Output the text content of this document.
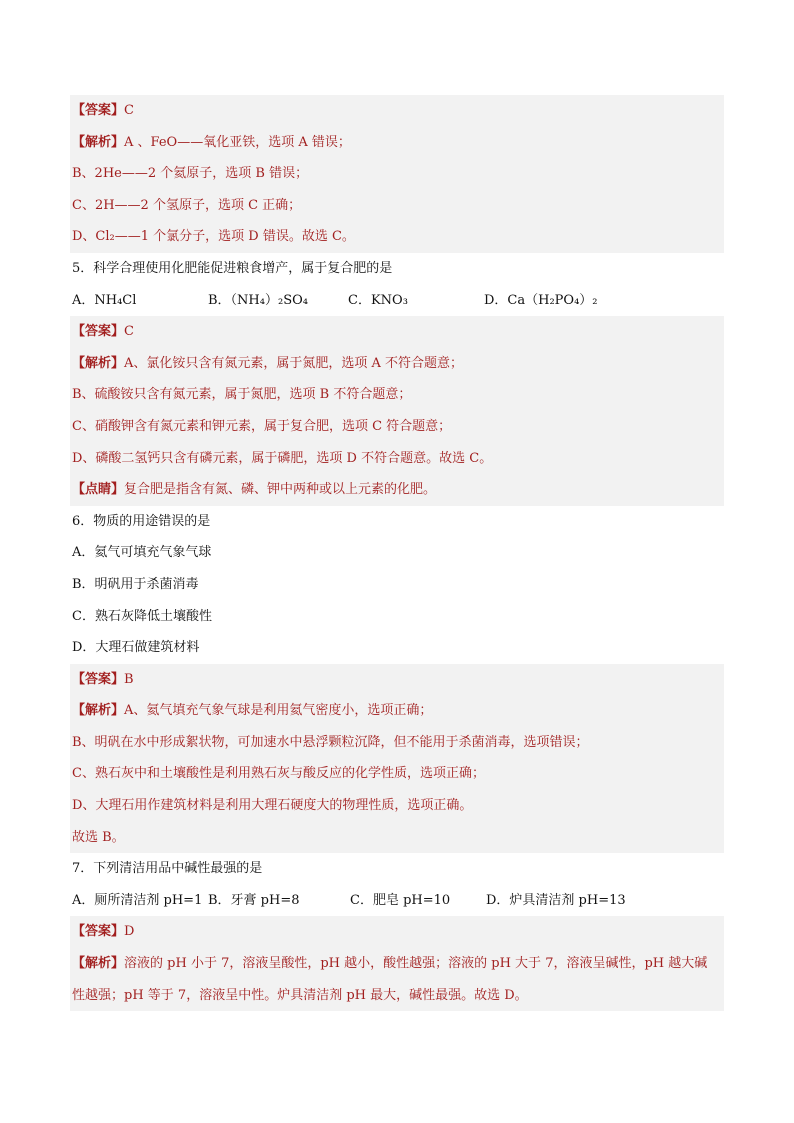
【答案】C
【解析】A 、FeO——氧化亚铁，选项 A 错误；
B、2He——2 个氦原子，选项 B 错误；
C、2H——2 个氢原子，选项 C 正确；
D、Cl₂——1 个氯分子，选项 D 错误。故选 C。
5．科学合理使用化肥能促进粮食增产，属于复合肥的是
A．NH₄Cl	B．（NH₄）₂SO₄	C．KNO₃	D．Ca（H₂PO₄）₂
【答案】C
【解析】A、氯化铵只含有氮元素，属于氮肥，选项 A 不符合题意；
B、硫酸铵只含有氮元素，属于氮肥，选项 B 不符合题意；
C、硝酸钾含有氮元素和钾元素，属于复合肥，选项 C 符合题意；
D、磷酸二氢钙只含有磷元素，属于磷肥，选项 D 不符合题意。故选 C。
【点睛】复合肥是指含有氮、磷、钾中两种或以上元素的化肥。
6．物质的用途错误的是
A．氦气可填充气象气球
B．明矾用于杀菌消毒
C．熟石灰降低土壤酸性
D．大理石做建筑材料
【答案】B
【解析】A、氦气填充气象气球是利用氦气密度小，选项正确；
B、明矾在水中形成絮状物，可加速水中悬浮颗粒沉降，但不能用于杀菌消毒，选项错误；
C、熟石灰中和土壤酸性是利用熟石灰与酸反应的化学性质，选项正确；
D、大理石用作建筑材料是利用大理石硬度大的物理性质，选项正确。
故选 B。
7．下列清洁用品中碱性最强的是
A．厕所清洁剂 pH=1 B．牙膏 pH=8	C．肥皂 pH=10	D．炉具清洁剂 pH=13
【答案】D
【解析】溶液的 pH 小于 7，溶液呈酸性，pH 越小，酸性越强；溶液的 pH 大于 7，溶液呈碱性，pH 越大碱
性越强；pH 等于 7，溶液呈中性。炉具清洁剂 pH 最大，碱性最强。故选 D。
